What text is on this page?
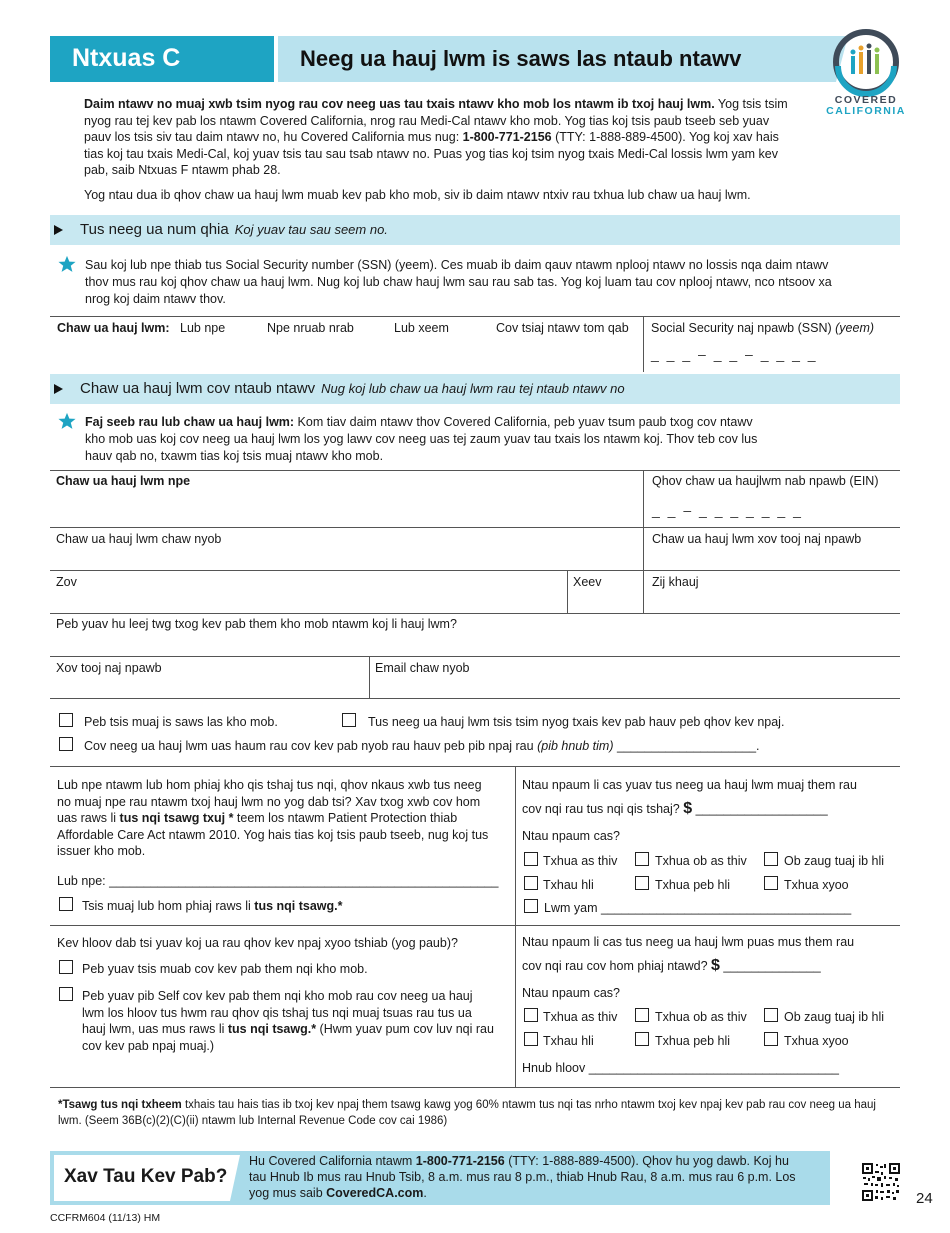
Ntxuas C	Neeg ua hauj lwm is saws las ntaub ntawv
COVERED
CALIFORNIA
Daim ntawv no muaj xwb tsim nyog rau cov neeg uas tau txais ntawv kho mob los ntawm ib txoj hauj lwm. Yog tsis tsim nyog rau tej kev pab los ntawm Covered California, nrog rau Medi-Cal ntawv kho mob. Yog tias koj tsis paub tseeb seb yuav pauv los tsis siv tau daim ntawv no, hu Covered California mus nug: 1-800-771-2156 (TTY: 1-888-889-4500). Yog koj xav hais tias koj tau txais Medi-Cal, koj yuav tsis tau sau tsab ntawv no. Puas yog tias koj tsim nyog txais Medi-Cal lossis lwm yam kev pab, saib Ntxuas F ntawm phab 28.
Yog ntau dua ib qhov chaw ua hauj lwm muab kev pab kho mob, siv ib daim ntawv ntxiv rau txhua lub chaw ua hauj lwm.
Tus neeg ua num qhia Koj yuav tau sau seem no.
Sau koj lub npe thiab tus Social Security number (SSN) (yeem). Ces muab ib daim qauv ntawm nplooj ntawv no lossis nqa daim ntawv thov mus rau koj qhov chaw ua hauj lwm. Nug koj lub chaw hauj lwm sau rau sab tas. Yog koj luam tau cov nplooj ntawv, nco ntsoov xa nrog koj daim ntawv thov.
Chaw ua hauj lwm: Lub npe	Npe nruab nrab	Lub xeem	Cov tsiaj ntawv tom qab Social Security naj npawb (SSN) (yeem)
_ _ _ – _ _ – _ _ _ _
Chaw ua hauj lwm cov ntaub ntawv Nug koj lub chaw ua hauj lwm rau tej ntaub ntawv no
Faj seeb rau lub chaw ua hauj lwm: Kom tiav daim ntawv thov Covered California, peb yuav tsum paub txog cov ntawv kho mob uas koj cov neeg ua hauj lwm los yog lawv cov neeg uas tej zaum yuav tau txais los ntawm koj. Thov teb cov lus hauv qab no, txawm tias koj tsis muaj ntawv kho mob.
Chaw ua hauj lwm npe	Qhov chaw ua haujlwm nab npawb (EIN)
_ _ – _ _ _ _ _ _ _
Chaw ua hauj lwm chaw nyob	Chaw ua hauj lwm xov tooj naj npawb
Zov	Xeev	Zij khauj
Peb yuav hu leej twg txog kev pab them kho mob ntawm koj li hauj lwm?
Xov tooj naj npawb	Email chaw nyob
Peb tsis muaj is saws las kho mob.	Tus neeg ua hauj lwm tsis tsim nyog txais kev pab hauv peb qhov kev npaj.
Cov neeg ua hauj lwm uas haum rau cov kev pab nyob rau hauv peb pib npaj rau (pib hnub tim) ____________________.
Lub npe ntawm lub hom phiaj kho qis tshaj tus nqi, qhov nkaus xwb tus neeg no muaj npe rau ntawm txoj hauj lwm no yog dab tsi? Xav txog xwb cov hom uas raws li tus nqi tsawg txuj * teem los ntawm Patient Protection thiab Affordable Care Act ntawm 2010. Yog hais tias koj tsis paub tseeb, nug koj tus issuer kho mob.
Lub npe: ________________________________________________________
Tsis muaj lub hom phiaj raws li tus nqi tsawg.*
Ntau npaum li cas yuav tus neeg ua hauj lwm muaj them rau
cov nqi rau tus nqi qis tshaj? $ ___________________
Ntau npaum cas?
Txhua as thiv	Txhua ob as thiv	Ob zaug tuaj ib hli
Txhau hli	Txhua peb hli	Txhua xyoo
Lwm yam ____________________________________
Kev hloov dab tsi yuav koj ua rau qhov kev npaj xyoo tshiab (yog paub)?
Peb yuav tsis muab cov kev pab them nqi kho mob.
Peb yuav pib Self cov kev pab them nqi kho mob rau cov neeg ua hauj lwm los hloov tus hwm rau qhov qis tshaj tus nqi muaj tsuas rau tus ua hauj lwm, uas mus raws li tus nqi tsawg.* (Hwm yuav pum cov luv nqi rau cov kev pab npaj muaj.)
Ntau npaum li cas tus neeg ua hauj lwm puas mus them rau
cov nqi rau cov hom phiaj ntawd? $ ______________
Ntau npaum cas?
Txhua as thiv	Txhua ob as thiv	Ob zaug tuaj ib hli
Txhau hli	Txhua peb hli	Txhua xyoo
Hnub hloov ____________________________________
*Tsawg tus nqi txheem txhais tau hais tias ib txoj kev npaj them tsawg kawg yog 60% ntawm tus nqi tas nrho ntawm txoj kev npaj kev pab rau cov neeg ua hauj lwm. (Seem 36B(c)(2)(C)(ii) ntawm lub Internal Revenue Code cov cai 1986)
Xav Tau Kev Pab?
Hu Covered California ntawm 1-800-771-2156 (TTY: 1-888-889-4500). Qhov hu yog dawb. Koj hu tau Hnub Ib mus rau Hnub Tsib, 8 a.m. mus rau 8 p.m., thiab Hnub Rau, 8 a.m. mus rau 6 p.m. Los yog mus saib CoveredCA.com.	24
CCFRM604 (11/13) HM
